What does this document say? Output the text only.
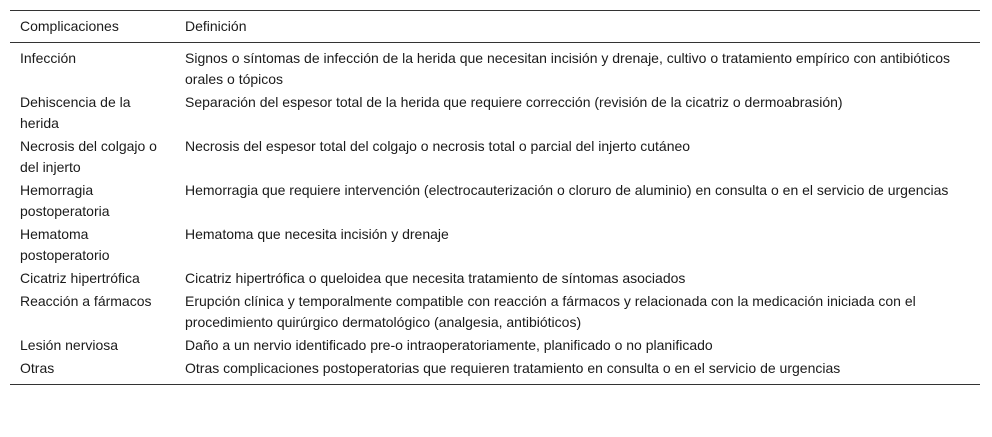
Complicaciones	Definición
Infección	Signos o síntomas de infección de la herida que necesitan incisión y drenaje, cultivo o tratamiento empírico con antibióticos orales o tópicos
Dehiscencia de la herida	Separación del espesor total de la herida que requiere corrección (revisión de la cicatriz o dermoabrasión)
Necrosis del colgajo o del injerto	Necrosis del espesor total del colgajo o necrosis total o parcial del injerto cutáneo
Hemorragia postoperatoria	Hemorragia que requiere intervención (electrocauterización o cloruro de aluminio) en consulta o en el servicio de urgencias
Hematoma postoperatorio	Hematoma que necesita incisión y drenaje
Cicatriz hipertrófica	Cicatriz hipertrófica o queloidea que necesita tratamiento de síntomas asociados
Reacción a fármacos	Erupción clínica y temporalmente compatible con reacción a fármacos y relacionada con la medicación iniciada con el procedimiento quirúrgico dermatológico (analgesia, antibióticos)
Lesión nerviosa	Daño a un nervio identificado pre-o intraoperatoriamente, planificado o no planificado
Otras	Otras complicaciones postoperatorias que requieren tratamiento en consulta o en el servicio de urgencias
